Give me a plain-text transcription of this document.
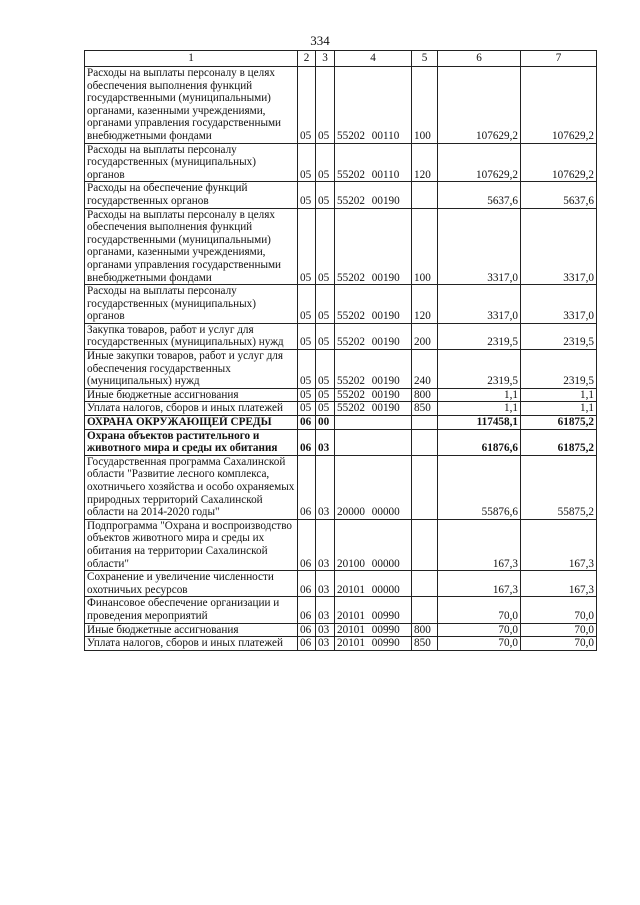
334
1	2	3	4	5	6	7
Расходы на выплаты персоналу в целях обеспечения выполнения функций государственными (муниципальными) органами, казенными учреждениями, органами управления государственными внебюджетными фондами	05	05	55202 00110	100	107629,2	107629,2
Расходы на выплаты персоналу государственных (муниципальных) органов	05	05	55202 00110	120	107629,2	107629,2
Расходы на обеспечение функций государственных органов	05	05	55202 00190		5637,6	5637,6
Расходы на выплаты персоналу в целях обеспечения выполнения функций государственными (муниципальными) органами, казенными учреждениями, органами управления государственными внебюджетными фондами	05	05	55202 00190	100	3317,0	3317,0
Расходы на выплаты персоналу государственных (муниципальных) органов	05	05	55202 00190	120	3317,0	3317,0
Закупка товаров, работ и услуг для государственных (муниципальных) нужд	05	05	55202 00190	200	2319,5	2319,5
Иные закупки товаров, работ и услуг для обеспечения государственных (муниципальных) нужд	05	05	55202 00190	240	2319,5	2319,5
Иные бюджетные ассигнования	05	05	55202 00190	800	1,1	1,1
Уплата налогов, сборов и иных платежей	05	05	55202 00190	850	1,1	1,1
ОХРАНА ОКРУЖАЮЩЕЙ СРЕДЫ	06	00			117458,1	61875,2
Охрана объектов растительного и животного мира и среды их обитания	06	03			61876,6	61875,2
Государственная программа Сахалинской области "Развитие лесного комплекса, охотничьего хозяйства и особо охраняемых природных территорий Сахалинской области на 2014-2020 годы"	06	03	20000 00000		55876,6	55875,2
Подпрограмма "Охрана и воспроизводство объектов животного мира и среды их обитания на территории Сахалинской области"	06	03	20100 00000		167,3	167,3
Сохранение и увеличение численности охотничьих ресурсов	06	03	20101 00000		167,3	167,3
Финансовое обеспечение организации и проведения мероприятий	06	03	20101 00990		70,0	70,0
Иные бюджетные ассигнования	06	03	20101 00990	800	70,0	70,0
Уплата налогов, сборов и иных платежей	06	03	20101 00990	850	70,0	70,0
